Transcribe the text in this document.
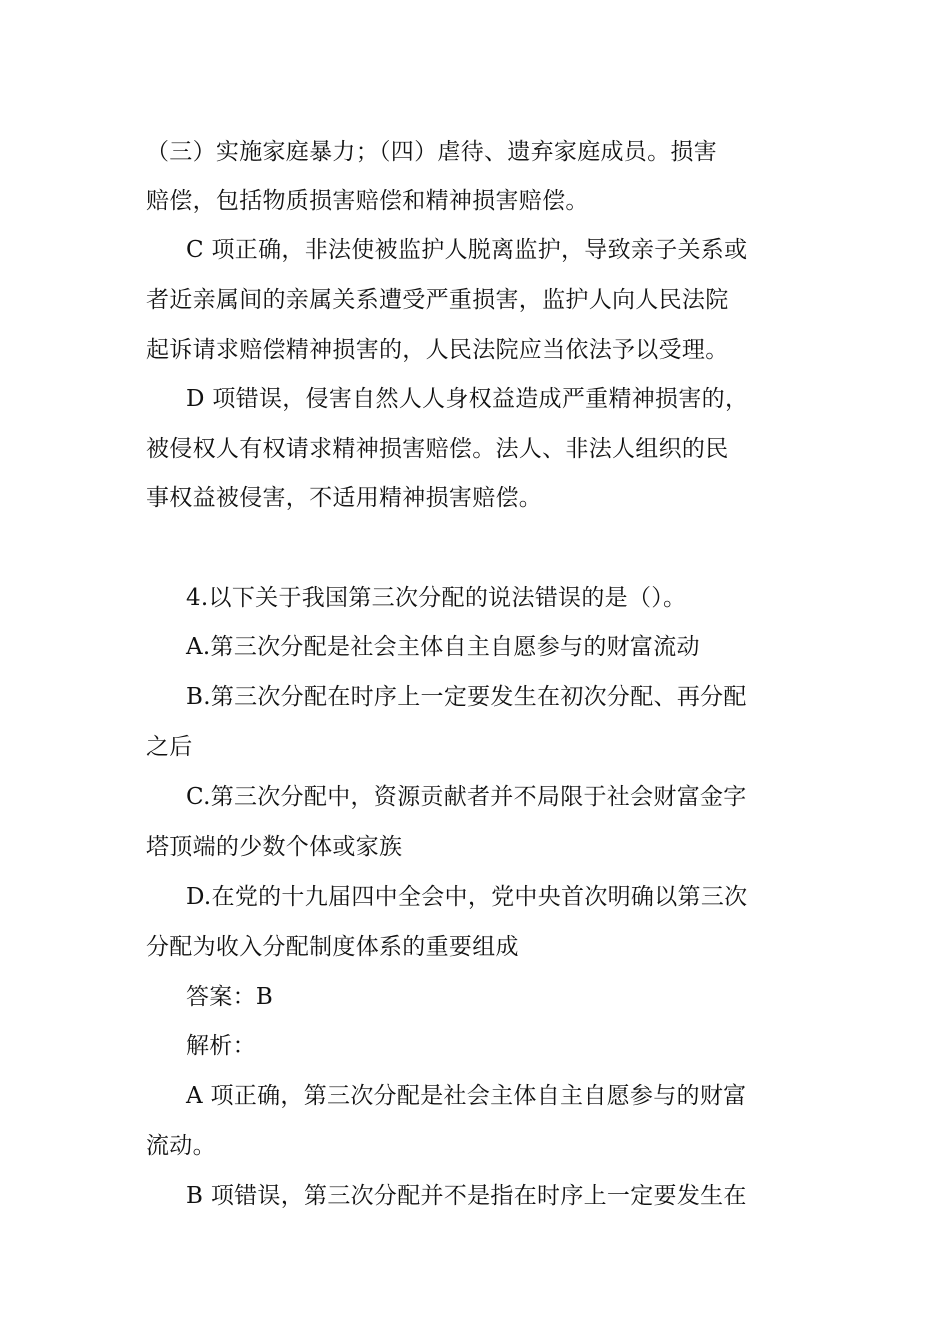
（三）实施家庭暴力；（四）虐待、遗弃家庭成员。损害
赔偿，包括物质损害赔偿和精神损害赔偿。
C 项正确，非法使被监护人脱离监护，导致亲子关系或
者近亲属间的亲属关系遭受严重损害，监护人向人民法院
起诉请求赔偿精神损害的，人民法院应当依法予以受理。
D 项错误，侵害自然人人身权益造成严重精神损害的，
被侵权人有权请求精神损害赔偿。法人、非法人组织的民
事权益被侵害，不适用精神损害赔偿。
4.以下关于我国第三次分配的说法错误的是（）。
A.第三次分配是社会主体自主自愿参与的财富流动
B.第三次分配在时序上一定要发生在初次分配、再分配
之后
C.第三次分配中，资源贡献者并不局限于社会财富金字
塔顶端的少数个体或家族
D.在党的十九届四中全会中，党中央首次明确以第三次
分配为收入分配制度体系的重要组成
答案：B
解析：
A 项正确，第三次分配是社会主体自主自愿参与的财富
流动。
B 项错误，第三次分配并不是指在时序上一定要发生在
